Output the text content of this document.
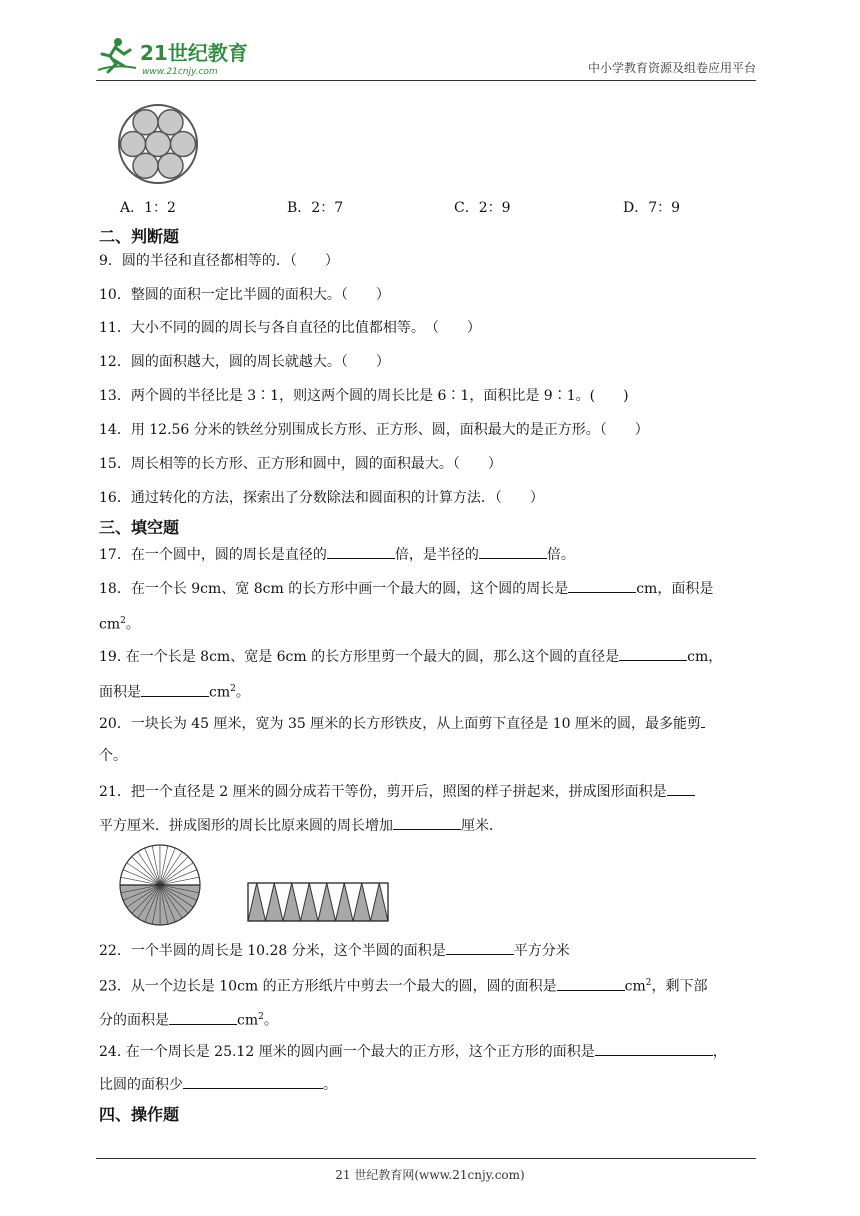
21世纪教育
www.21cnjy.com	中小学教育资源及组卷应用平台
A．1：2	B．2：7	C．2：9	D．7：9
二、判断题
9．圆的半径和直径都相等的．（　　）
10．整圆的面积一定比半圆的面积大。（　　）
11．大小不同的圆的周长与各自直径的比值都相等。　（　　）
12．圆的面积越大，圆的周长就越大。（　　）
13．两个圆的半径比是 3∶1，则这两个圆的周长比是 6∶1，面积比是 9∶1。(　　)
14．用 12.56 分米的铁丝分别围成长方形、正方形、圆，面积最大的是正方形。（　　）
15．周长相等的长方形、正方形和圆中，圆的面积最大。（　　）
16．通过转化的方法，探索出了分数除法和圆面积的计算方法．（　　）
三、填空题
17．在一个圆中，圆的周长是直径的	倍，是半径的	倍。
18．在一个长 9cm、宽 8cm 的长方形中画一个最大的圆，这个圆的周长是	cm，面积是
$cm^2$。
19. 在一个长是 8cm、宽是 6cm 的长方形里剪一个最大的圆，那么这个圆的直径是	cm，
面积是	$cm^2$。
20．一块长为 45 厘米，宽为 35 厘米的长方形铁皮，从上面剪下直径是 10 厘米的圆，最多能剪
个。
21．把一个直径是 2 厘米的圆分成若干等份，剪开后，照图的样子拼起来，拼成图形面积是
平方厘米．拼成图形的周长比原来圆的周长增加	厘米．
22．一个半圆的周长是 10.28 分米，这个半圆的面积是	平方分米
23．从一个边长是 10cm 的正方形纸片中剪去一个最大的圆，圆的面积是	$cm^2$，剩下部
分的面积是	$cm^2$。
24. 在一个周长是 25.12 厘米的圆内画一个最大的正方形，这个正方形的面积是	，
比圆的面积少	。
四、操作题
21 世纪教育网(www.21cnjy.com)
